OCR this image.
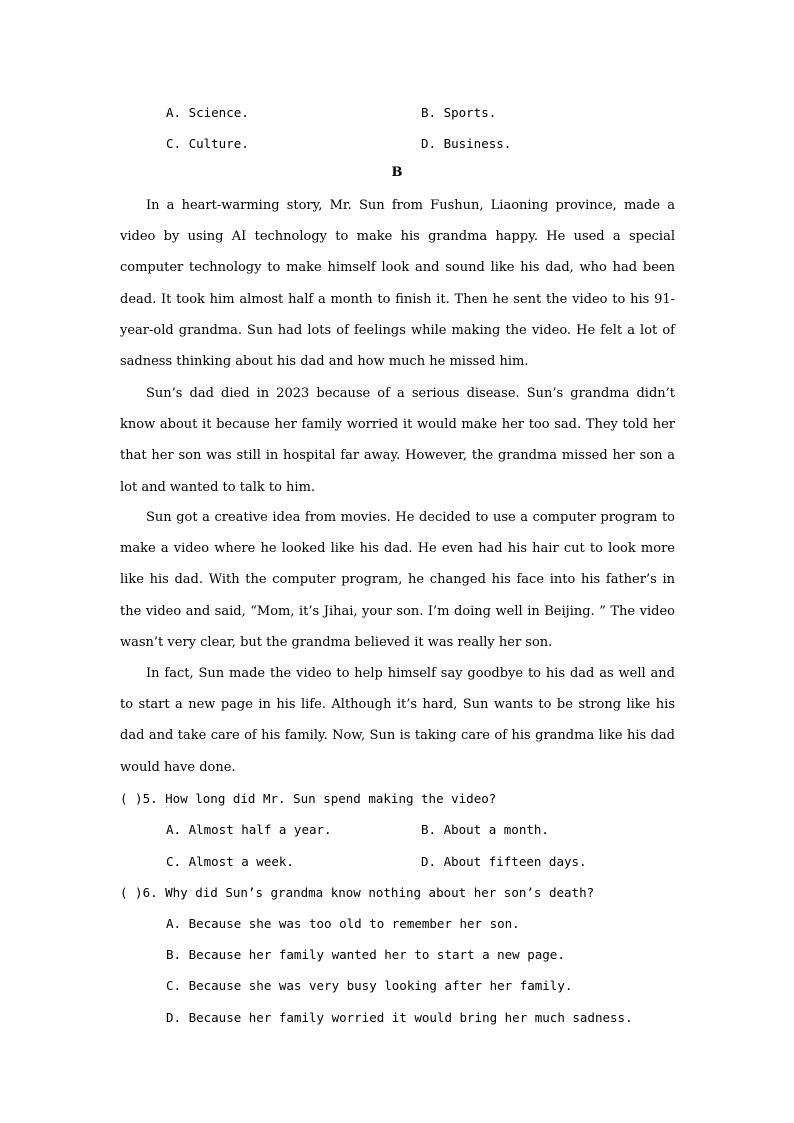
A. Science.	B. Sports.
C. Culture.	D. Business.
B
In a heart-warming story, Mr. Sun from Fushun, Liaoning province, made a video by using AI technology to make his grandma happy. He used a special computer technology to make himself look and sound like his dad, who had been dead. It took him almost half a month to finish it. Then he sent the video to his 91-year-old grandma. Sun had lots of feelings while making the video. He felt a lot of sadness thinking about his dad and how much he missed him.
Sun’s dad died in 2023 because of a serious disease. Sun’s grandma didn’t know about it because her family worried it would make her too sad. They told her that her son was still in hospital far away. However, the grandma missed her son a lot and wanted to talk to him.
Sun got a creative idea from movies. He decided to use a computer program to make a video where he looked like his dad. He even had his hair cut to look more like his dad. With the computer program, he changed his face into his father’s in the video and said, “Mom, it’s Jihai, your son. I’m doing well in Beijing. ” The video wasn’t very clear, but the grandma believed it was really her son.
In fact, Sun made the video to help himself say goodbye to his dad as well and to start a new page in his life. Although it’s hard, Sun wants to be strong like his dad and take care of his family. Now, Sun is taking care of his grandma like his dad would have done.
( )5. How long did Mr. Sun spend making the video?
A. Almost half a year.	B. About a month.
C. Almost a week.	D. About fifteen days.
( )6. Why did Sun’s grandma know nothing about her son’s death?
A. Because she was too old to remember her son.
B. Because her family wanted her to start a new page.
C. Because she was very busy looking after her family.
D. Because her family worried it would bring her much sadness.
